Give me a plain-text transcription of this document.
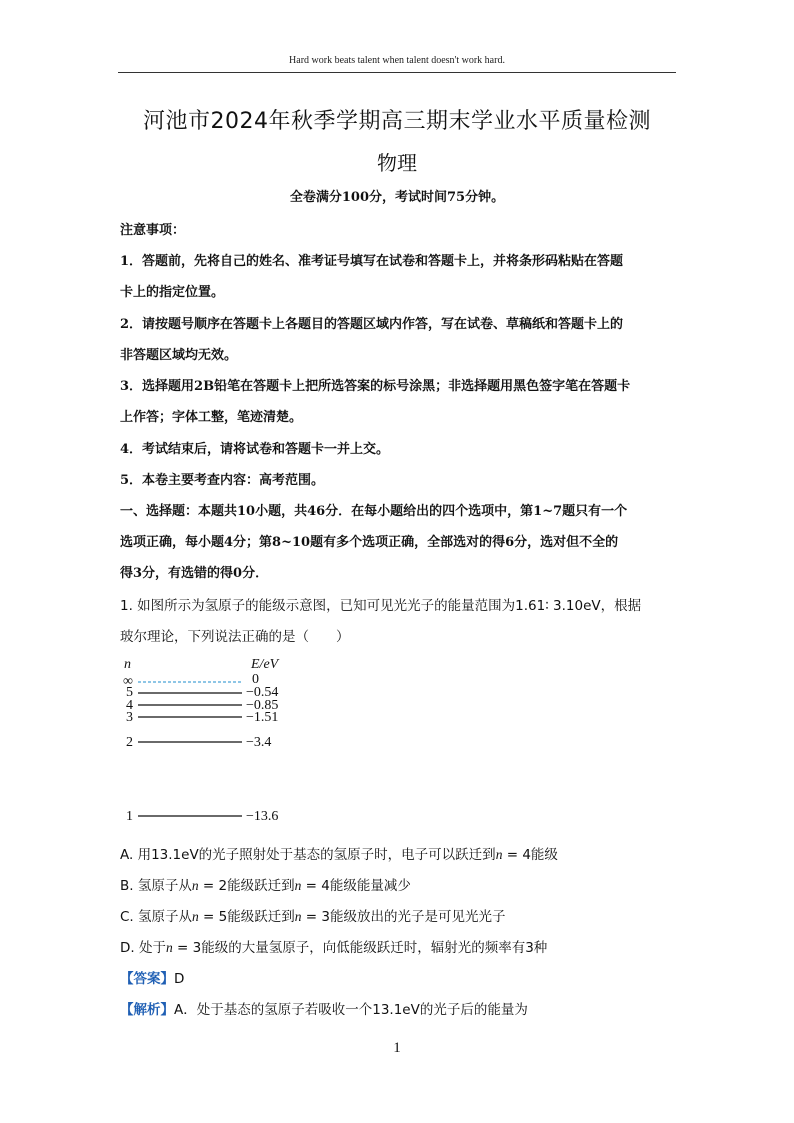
Hard work beats talent when talent doesn't work hard.
河池市2024年秋季学期高三期末学业水平质量检测
物理
全卷满分100分，考试时间75分钟。
注意事项：
1．答题前，先将自己的姓名、准考证号填写在试卷和答题卡上，并将条形码粘贴在答题
卡上的指定位置。
2．请按题号顺序在答题卡上各题目的答题区域内作答，写在试卷、草稿纸和答题卡上的
非答题区域均无效。
3．选择题用2B铅笔在答题卡上把所选答案的标号涂黑；非选择题用黑色签字笔在答题卡
上作答；字体工整，笔迹清楚。
4．考试结束后，请将试卷和答题卡一并上交。
5．本卷主要考查内容：高考范围。
一、选择题：本题共10小题，共46分．在每小题给出的四个选项中，第1~7题只有一个
选项正确，每小题4分；第8~10题有多个选项正确，全部选对的得6分，选对但不全的
得3分，有选错的得0分．
1. 如图所示为氢原子的能级示意图，已知可见光光子的能量范围为1.61∶ 3.10eV，根据
玻尔理论，下列说法正确的是（　　）
n	E/eV
∞	0
5	−0.54
4	−0.85
3	−1.51
2	−3.4
1	−13.6
A. 用13.1eV的光子照射处于基态的氢原子时，电子可以跃迁到n = 4能级
B. 氢原子从n = 2能级跃迁到n = 4能级能量减少
C. 氢原子从n = 5能级跃迁到n = 3能级放出的光子是可见光光子
D. 处于n = 3能级的大量氢原子，向低能级跃迁时，辐射光的频率有3种
【答案】D
【解析】A．处于基态的氢原子若吸收一个13.1eV的光子后的能量为
1
